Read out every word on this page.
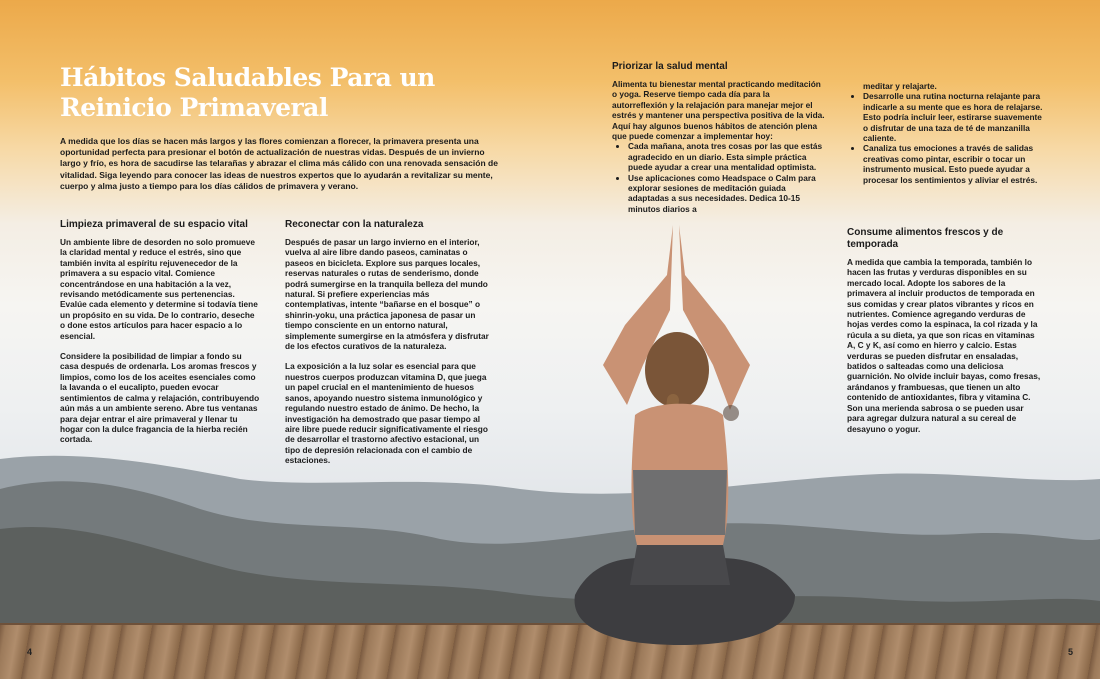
Hábitos Saludables Para un Reinicio Primaveral
A medida que los días se hacen más largos y las flores comienzan a florecer, la primavera presenta una oportunidad perfecta para presionar el botón de actualización de nuestras vidas. Después de un invierno largo y frío, es hora de sacudirse las telarañas y abrazar el clima más cálido con una renovada sensación de vitalidad. Siga leyendo para conocer las ideas de nuestros expertos que lo ayudarán a revitalizar su mente, cuerpo y alma justo a tiempo para los días cálidos de primavera y verano.
Limpieza primaveral de su espacio vital

Un ambiente libre de desorden no solo promueve la claridad mental y reduce el estrés, sino que también invita al espíritu rejuvenecedor de la primavera a su espacio vital. Comience concentrándose en una habitación a la vez, revisando metódicamente sus pertenencias. Evalúe cada elemento y determine si todavía tiene un propósito en su vida. De lo contrario, deseche o done estos artículos para hacer espacio a lo esencial.

Considere la posibilidad de limpiar a fondo su casa después de ordenarla. Los aromas frescos y limpios, como los de los aceites esenciales como la lavanda o el eucalipto, pueden evocar sentimientos de calma y relajación, contribuyendo aún más a un ambiente sereno. Abre tus ventanas para dejar entrar el aire primaveral y llenar tu hogar con la dulce fragancia de la hierba recién cortada.

Reconectar con la naturaleza

Después de pasar un largo invierno en el interior, vuelva al aire libre dando paseos, caminatas o paseos en bicicleta. Explore sus parques locales, reservas naturales o rutas de senderismo, donde podrá sumergirse en la tranquila belleza del mundo natural. Si prefiere experiencias más contemplativas, intente “bañarse en el bosque” o shinrin-yoku, una práctica japonesa de pasar un tiempo consciente en un entorno natural, simplemente sumergirse en la atmósfera y disfrutar de los efectos curativos de la naturaleza.

La exposición a la luz solar es esencial para que nuestros cuerpos produzcan vitamina D, que juega un papel crucial en el mantenimiento de huesos sanos, apoyando nuestro sistema inmunológico y regulando nuestro estado de ánimo. De hecho, la investigación ha demostrado que pasar tiempo al aire libre puede reducir significativamente el riesgo de desarrollar el trastorno afectivo estacional, un tipo de depresión relacionada con el cambio de estaciones.

Priorizar la salud mental

Alimenta tu bienestar mental practicando meditación o yoga. Reserve tiempo cada día para la autorreflexión y la relajación para manejar mejor el estrés y mantener una perspectiva positiva de la vida. Aquí hay algunos buenos hábitos de atención plena que puede comenzar a implementar hoy:

• Cada mañana, anota tres cosas por las que estás agradecido en un diario. Esta simple práctica puede ayudar a crear una mentalidad optimista.
• Use aplicaciones como Headspace o Calm para explorar sesiones de meditación guiada adaptadas a sus necesidades. Dedica 10-15 minutos diarios a
meditar y relajarte.
• Desarrolle una rutina nocturna relajante para indicarle a su mente que es hora de relajarse. Esto podría incluir leer, estirarse suavemente o disfrutar de una taza de té de manzanilla caliente.
• Canaliza tus emociones a través de salidas creativas como pintar, escribir o tocar un instrumento musical. Esto puede ayudar a procesar los sentimientos y aliviar el estrés.
Consume alimentos frescos y de temporada

A medida que cambia la temporada, también lo hacen las frutas y verduras disponibles en su mercado local. Adopte los sabores de la primavera al incluir productos de temporada en sus comidas y crear platos vibrantes y ricos en nutrientes. Comience agregando verduras de hojas verdes como la espinaca, la col rizada y la rúcula a su dieta, ya que son ricas en vitaminas A, C y K, así como en hierro y calcio. Estas verduras se pueden disfrutar en ensaladas, batidos o salteadas como una deliciosa guarnición. No olvide incluir bayas, como fresas, arándanos y frambuesas, que tienen un alto contenido de antioxidantes, fibra y vitamina C. Son una merienda sabrosa o se pueden usar para agregar dulzura natural a su cereal de desayuno o yogur.

4	5
